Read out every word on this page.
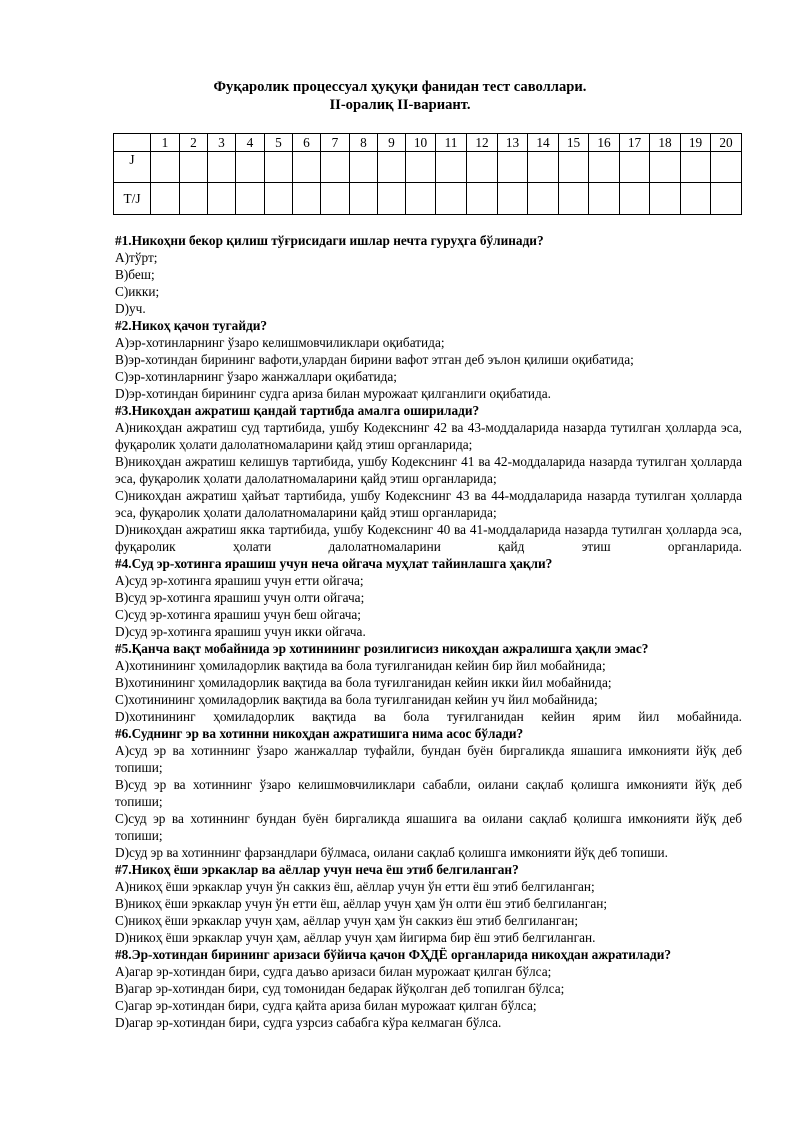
Фуқаролик процессуал ҳуқуқи фанидан тест саволлари.
II-оралиқ II-вариант.
	1	2	3	4	5	6	7	8	9	10	11	12	13	14	15	16	17	18	19	20
J																				
T/J																				
#1.Никоҳни бекор қилиш тўғрисидаги ишлар нечта гуруҳга бўлинади?
А)тўрт;
В)беш;
С)икки;
D)уч.
#2.Никоҳ қачон тугайди?
А)эр-хотинларнинг ўзаро келишмовчиликлари оқибатида;
В)эр-хотиндан бирининг вафоти,улардан бирини вафот этган деб эълон қилиши оқибатида;
С)эр-хотинларнинг ўзаро жанжаллари оқибатида;
D)эр-хотиндан бирининг судга ариза билан мурожаат қилганлиги оқибатида.
#3.Никоҳдан ажратиш қандай тартибда амалга оширилади?
А)никоҳдан ажратиш суд тартибида, ушбу Кодекснинг 42 ва 43-моддаларида назарда тутилган ҳолларда эса, фуқаролик ҳолати далолатномаларини қайд этиш органларида;
В)никоҳдан ажратиш келишув тартибида, ушбу Кодекснинг 41 ва 42-моддаларида назарда тутилган ҳолларда эса, фуқаролик ҳолати далолатномаларини қайд этиш органларида;
С)никоҳдан ажратиш ҳайъат тартибида, ушбу Кодекснинг 43 ва 44-моддаларида назарда тутилган ҳолларда эса, фуқаролик ҳолати далолатномаларини қайд этиш органларида;
D)никоҳдан ажратиш якка тартибида, ушбу Кодекснинг 40 ва 41-моддаларида назарда тутилган ҳолларда эса, фуқаролик ҳолати далолатномаларини қайд этиш органларида.
#4.Суд эр-хотинга ярашиш учун неча ойгача муҳлат тайинлашга ҳақли?
А)суд эр-хотинга ярашиш учун етти ойгача;
В)суд эр-хотинга ярашиш учун олти ойгача;
С)суд эр-хотинга ярашиш учун беш ойгача;
D)суд эр-хотинга ярашиш учун икки ойгача.
#5.Қанча вақт мобайнида эр хотинининг розилигисиз никоҳдан ажралишга ҳақли эмас?
А)хотинининг ҳомиладорлик вақтида ва бола туғилганидан кейин бир йил мобайнида;
В)хотинининг ҳомиладорлик вақтида ва бола туғилганидан кейин икки йил мобайнида;
С)хотинининг ҳомиладорлик вақтида ва бола туғилганидан кейин уч йил мобайнида;
D)хотинининг ҳомиладорлик вақтида ва бола туғилганидан кейин ярим йил мобайнида.
#6.Суднинг эр ва хотинни никоҳдан ажратишига нима асос бўлади?
А)суд эр ва хотиннинг ўзаро жанжаллар туфайли, бундан буён биргаликда яшашига имконияти йўқ деб топиши;
В)суд эр ва хотиннинг ўзаро келишмовчиликлари сабабли, оилани сақлаб қолишга имконияти йўқ деб топиши;
С)суд эр ва хотиннинг бундан буён биргаликда яшашига ва оилани сақлаб қолишга имконияти йўқ деб топиши;
D)суд эр ва хотиннинг фарзандлари бўлмаса, оилани сақлаб қолишга имконияти йўқ деб топиши.
#7.Никоҳ ёши эркаклар ва аёллар учун неча ёш этиб белгиланган?
А)никоҳ ёши эркаклар учун ўн саккиз ёш, аёллар учун ўн етти ёш этиб белгиланган;
В)никоҳ ёши эркаклар учун ўн етти ёш, аёллар учун ҳам ўн олти ёш этиб белгиланган;
С)никоҳ ёши эркаклар учун ҳам, аёллар учун ҳам ўн саккиз ёш этиб белгиланган;
D)никоҳ ёши эркаклар учун ҳам, аёллар учун ҳам йигирма бир ёш этиб белгиланган.
#8.Эр-хотиндан бирининг аризаси бўйича қачон ФҲДЁ органларида никоҳдан ажратилади?
А)агар эр-хотиндан бири, судга даъво аризаси билан мурожаат қилган бўлса;
В)агар эр-хотиндан бири, суд томонидан бедарак йўқолган деб топилган бўлса;
С)агар эр-хотиндан бири, судга қайта ариза билан мурожаат қилган бўлса;
D)агар эр-хотиндан бири, судга узрсиз сабабга кўра келмаган бўлса.
